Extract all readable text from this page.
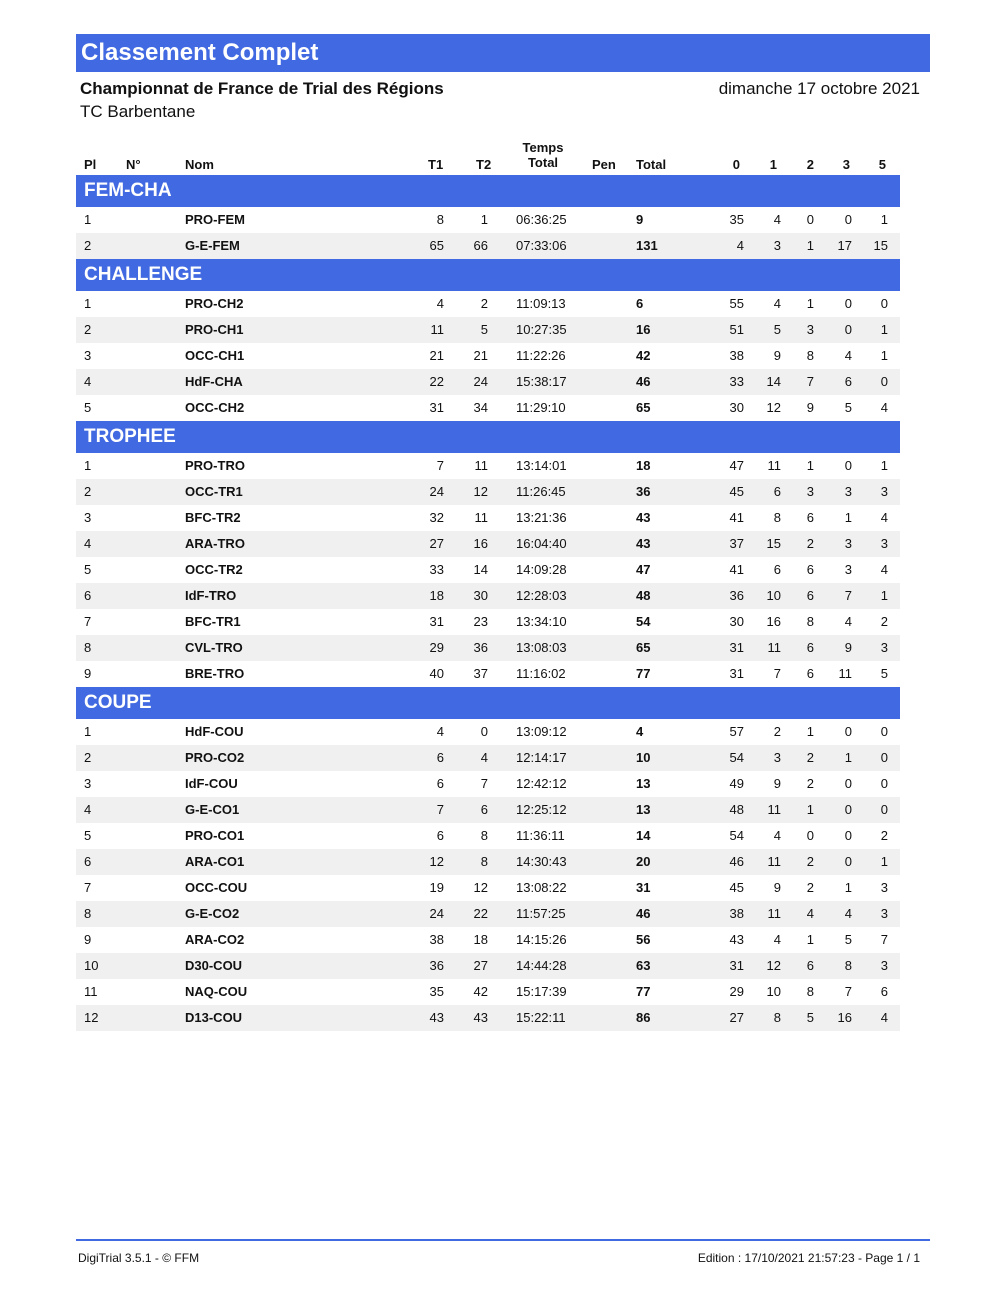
Classement Complet
Championnat de France de Trial des Régions	dimanche 17 octobre 2021
TC Barbentane
Pl N°	Nom	T1	T2
Temps
Total	Pen Total	0 1 2 3 5
FEM-CHA
1	PRO-FEM	8	1 06:36:25	9	35 4 0 0 1
2	G-E-FEM	65 66 07:33:06	131	4 3 1 17 15
CHALLENGE
1	PRO-CH2	4	2 11:09:13	6	55 4 1 0 0
2	PRO-CH1	11	5 10:27:35	16	51 5 3 0 1
3	OCC-CH1	21 21 11:22:26	42	38 9 8 4 1
4	HdF-CHA	22 24 15:38:17	46	33 14 7 6 0
5	OCC-CH2	31 34 11:29:10	65	30 12 9 5 4
TROPHEE
1	PRO-TRO	7 11 13:14:01	18	47 11 1 0 1
2	OCC-TR1	24 12 11:26:45	36	45 6 3 3 3
3	BFC-TR2	32 11 13:21:36	43	41 8 6 1 4
4	ARA-TRO	27 16 16:04:40	43	37 15 2 3 3
5	OCC-TR2	33 14 14:09:28	47	41 6 6 3 4
6	IdF-TRO	18 30 12:28:03	48	36 10 6 7 1
7	BFC-TR1	31 23 13:34:10	54	30 16 8 4 2
8	CVL-TRO	29 36 13:08:03	65	31 11 6 9 3
9	BRE-TRO	40 37 11:16:02	77	31 7 6 11 5
COUPE
1	HdF-COU	4	0 13:09:12	4	57 2 1 0 0
2	PRO-CO2	6	4 12:14:17	10	54 3 2 1 0
3	IdF-COU	6	7 12:42:12	13	49 9 2 0 0
4	G-E-CO1	7	6 12:25:12	13	48 11 1 0 0
5	PRO-CO1	6	8 11:36:11	14	54 4 0 0 2
6	ARA-CO1	12	8 14:30:43	20	46 11 2 0 1
7	OCC-COU	19 12 13:08:22	31	45 9 2 1 3
8	G-E-CO2	24 22 11:57:25	46	38 11 4 4 3
9	ARA-CO2	38 18 14:15:26	56	43 4 1 5 7
10	D30-COU	36 27 14:44:28	63	31 12 6 8 3
11	NAQ-COU	35 42 15:17:39	77	29 10 8 7 6
12	D13-COU	43 43 15:22:11	86	27 8 5 16 4
DigiTrial 3.5.1 - © FFM	Edition : 17/10/2021 21:57:23 - Page 1 / 1
